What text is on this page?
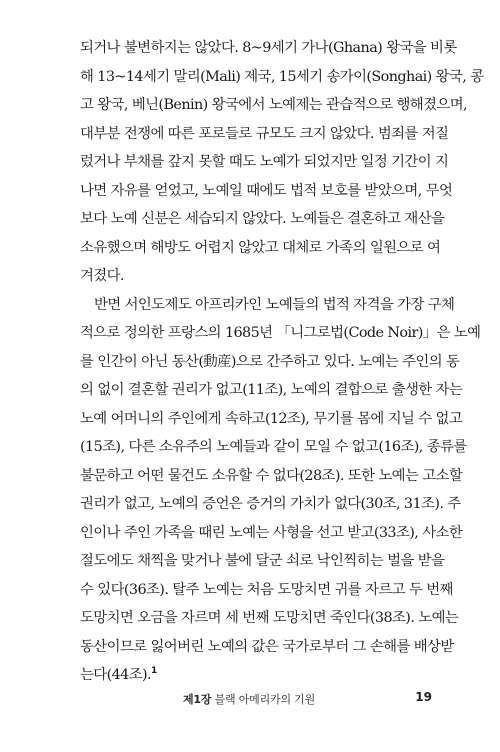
되거나 불변하지는 않았다. 8~9세기 가나(Ghana) 왕국을 비롯
해 13~14세기 말리(Mali) 제국, 15세기 송가이(Songhai) 왕국, 콩
고 왕국, 베닌(Benin) 왕국에서 노예제는 관습적으로 행해졌으며,
대부분 전쟁에 따른 포로들로 규모도 크지 않았다. 범죄를 저질
렀거나 부채를 갚지 못할 때도 노예가 되었지만 일정 기간이 지
나면 자유를 얻었고, 노예일 때에도 법적 보호를 받았으며, 무엇
보다 노예 신분은 세습되지 않았다. 노예들은 결혼하고 재산을
소유했으며 해방도 어렵지 않았고 대체로 가족의 일원으로 여
겨졌다.
반면 서인도제도 아프리카인 노예들의 법적 자격을 가장 구체
적으로 정의한 프랑스의 1685년 「니그로법(Code Noir)」은 노예
를 인간이 아닌 동산(動産)으로 간주하고 있다. 노예는 주인의 동
의 없이 결혼할 권리가 없고(11조), 노예의 결합으로 출생한 자는
노예 어머니의 주인에게 속하고(12조), 무기를 몸에 지닐 수 없고
(15조), 다른 소유주의 노예들과 같이 모일 수 없고(16조), 종류를
불문하고 어떤 물건도 소유할 수 없다(28조). 또한 노예는 고소할
권리가 없고, 노예의 증언은 증거의 가치가 없다(30조, 31조). 주
인이나 주인 가족을 때린 노예는 사형을 선고 받고(33조), 사소한
절도에도 채찍을 맞거나 불에 달군 쇠로 낙인찍히는 벌을 받을
수 있다(36조). 탈주 노예는 처음 도망치면 귀를 자르고 두 번째
도망치면 오금을 자르며 세 번째 도망치면 죽인다(38조). 노예는
동산이므로 잃어버린 노예의 값은 국가로부터 그 손해를 배상받
는다(44조).$^1$
제1장 블랙 아메리카의 기원	19
